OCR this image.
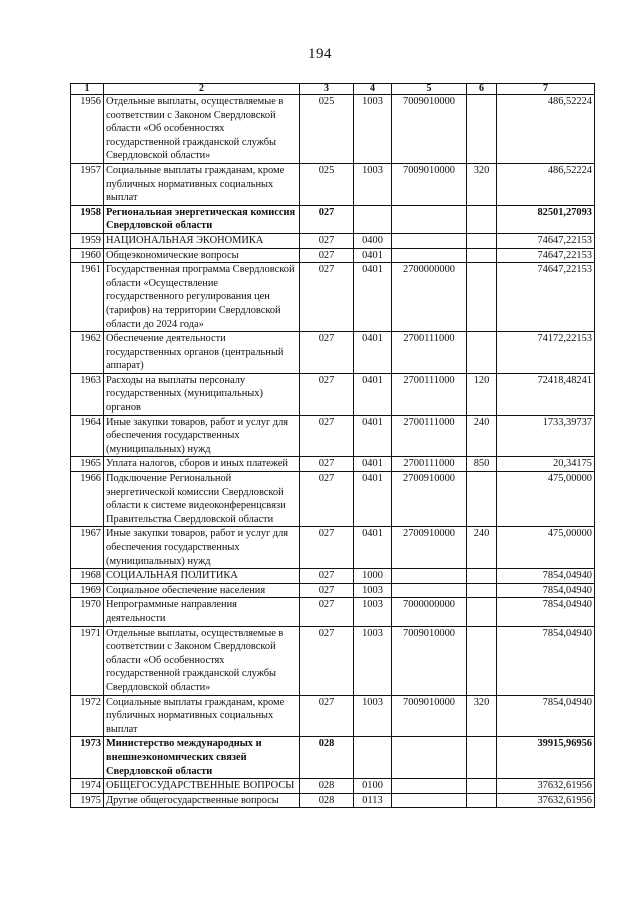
194
1	2	3	4	5	6	7
1956	Отдельные выплаты, осуществляемые в соответствии с Законом Свердловской области «Об особенностях государственной гражданской службы Свердловской области»	025	1003	7009010000		486,52224
1957	Социальные выплаты гражданам, кроме публичных нормативных социальных выплат	025	1003	7009010000	320	486,52224
1958	Региональная энергетическая комиссия Свердловской области	027				82501,27093
1959	НАЦИОНАЛЬНАЯ ЭКОНОМИКА	027	0400			74647,22153
1960	Общеэкономические вопросы	027	0401			74647,22153
1961	Государственная программа Свердловской области «Осуществление государственного регулирования цен (тарифов) на территории Свердловской области до 2024 года»	027	0401	2700000000		74647,22153
1962	Обеспечение деятельности государственных органов (центральный аппарат)	027	0401	2700111000		74172,22153
1963	Расходы на выплаты персоналу государственных (муниципальных) органов	027	0401	2700111000	120	72418,48241
1964	Иные закупки товаров, работ и услуг для обеспечения государственных (муниципальных) нужд	027	0401	2700111000	240	1733,39737
1965	Уплата налогов, сборов и иных платежей	027	0401	2700111000	850	20,34175
1966	Подключение Региональной энергетической комиссии Свердловской области к системе видеоконференцсвязи Правительства Свердловской области	027	0401	2700910000		475,00000
1967	Иные закупки товаров, работ и услуг для обеспечения государственных (муниципальных) нужд	027	0401	2700910000	240	475,00000
1968	СОЦИАЛЬНАЯ ПОЛИТИКА	027	1000			7854,04940
1969	Социальное обеспечение населения	027	1003			7854,04940
1970	Непрограммные направления деятельности	027	1003	7000000000		7854,04940
1971	Отдельные выплаты, осуществляемые в соответствии с Законом Свердловской области «Об особенностях государственной гражданской службы Свердловской области»	027	1003	7009010000		7854,04940
1972	Социальные выплаты гражданам, кроме публичных нормативных социальных выплат	027	1003	7009010000	320	7854,04940
1973	Министерство международных и внешнеэкономических связей Свердловской области	028				39915,96956
1974	ОБЩЕГОСУДАРСТВЕННЫЕ ВОПРОСЫ	028	0100			37632,61956
1975	Другие общегосударственные вопросы	028	0113			37632,61956
